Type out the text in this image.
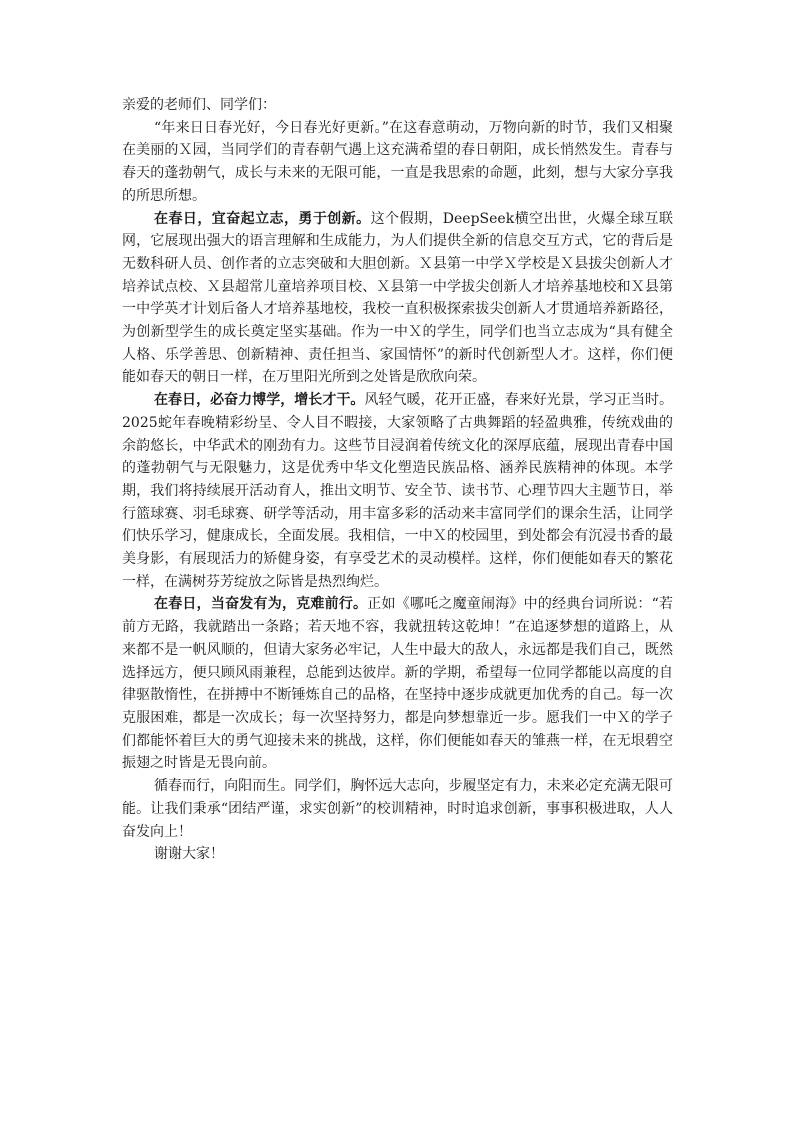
亲爱的老师们、同学们：

“年来日日春光好，今日春光好更新。”在这春意萌动，万物向新的时节，我们又相聚在美丽的Ｘ园，当同学们的青春朝气遇上这充满希望的春日朝阳，成长悄然发生。青春与春天的蓬勃朝气，成长与未来的无限可能，一直是我思索的命题，此刻，想与大家分享我的所思所想。

在春日，宜奋起立志，勇于创新。这个假期，DeepSeek横空出世，火爆全球互联网，它展现出强大的语言理解和生成能力，为人们提供全新的信息交互方式，它的背后是无数科研人员、创作者的立志突破和大胆创新。Ｘ县第一中学Ｘ学校是Ｘ县拔尖创新人才培养试点校、Ｘ县超常儿童培养项目校、Ｘ县第一中学拔尖创新人才培养基地校和Ｘ县第一中学英才计划后备人才培养基地校，我校一直积极探索拔尖创新人才贯通培养新路径，为创新型学生的成长奠定坚实基础。作为一中Ｘ的学生，同学们也当立志成为“具有健全人格、乐学善思、创新精神、责任担当、家国情怀”的新时代创新型人才。这样，你们便能如春天的朝日一样，在万里阳光所到之处皆是欣欣向荣。

在春日，必奋力博学，增长才干。风轻气暖，花开正盛，春来好光景，学习正当时。2025蛇年春晚精彩纷呈、令人目不暇接，大家领略了古典舞蹈的轻盈典雅，传统戏曲的余韵悠长，中华武术的刚劲有力。这些节目浸润着传统文化的深厚底蕴，展现出青春中国的蓬勃朝气与无限魅力，这是优秀中华文化塑造民族品格、涵养民族精神的体现。本学期，我们将持续展开活动育人，推出文明节、安全节、读书节、心理节四大主题节日，举行篮球赛、羽毛球赛、研学等活动，用丰富多彩的活动来丰富同学们的课余生活，让同学们快乐学习，健康成长，全面发展。我相信，一中Ｘ的校园里，到处都会有沉浸书香的最美身影，有展现活力的矫健身姿，有享受艺术的灵动模样。这样，你们便能如春天的繁花一样，在满树芬芳绽放之际皆是热烈绚烂。

在春日，当奋发有为，克难前行。正如《哪吒之魔童闹海》中的经典台词所说：“若前方无路，我就踏出一条路；若天地不容，我就扭转这乾坤！”在追逐梦想的道路上，从来都不是一帆风顺的，但请大家务必牢记，人生中最大的敌人，永远都是我们自己，既然选择远方，便只顾风雨兼程，总能到达彼岸。新的学期，希望每一位同学都能以高度的自律驱散惰性，在拼搏中不断锤炼自己的品格，在坚持中逐步成就更加优秀的自己。每一次克服困难，都是一次成长；每一次坚持努力，都是向梦想靠近一步。愿我们一中Ｘ的学子们都能怀着巨大的勇气迎接未来的挑战，这样，你们便能如春天的雏燕一样，在无垠碧空振翅之时皆是无畏向前。

循春而行，向阳而生。同学们，胸怀远大志向，步履坚定有力，未来必定充满无限可能。让我们秉承“团结严谨，求实创新”的校训精神，时时追求创新，事事积极进取，人人奋发向上！

谢谢大家！
